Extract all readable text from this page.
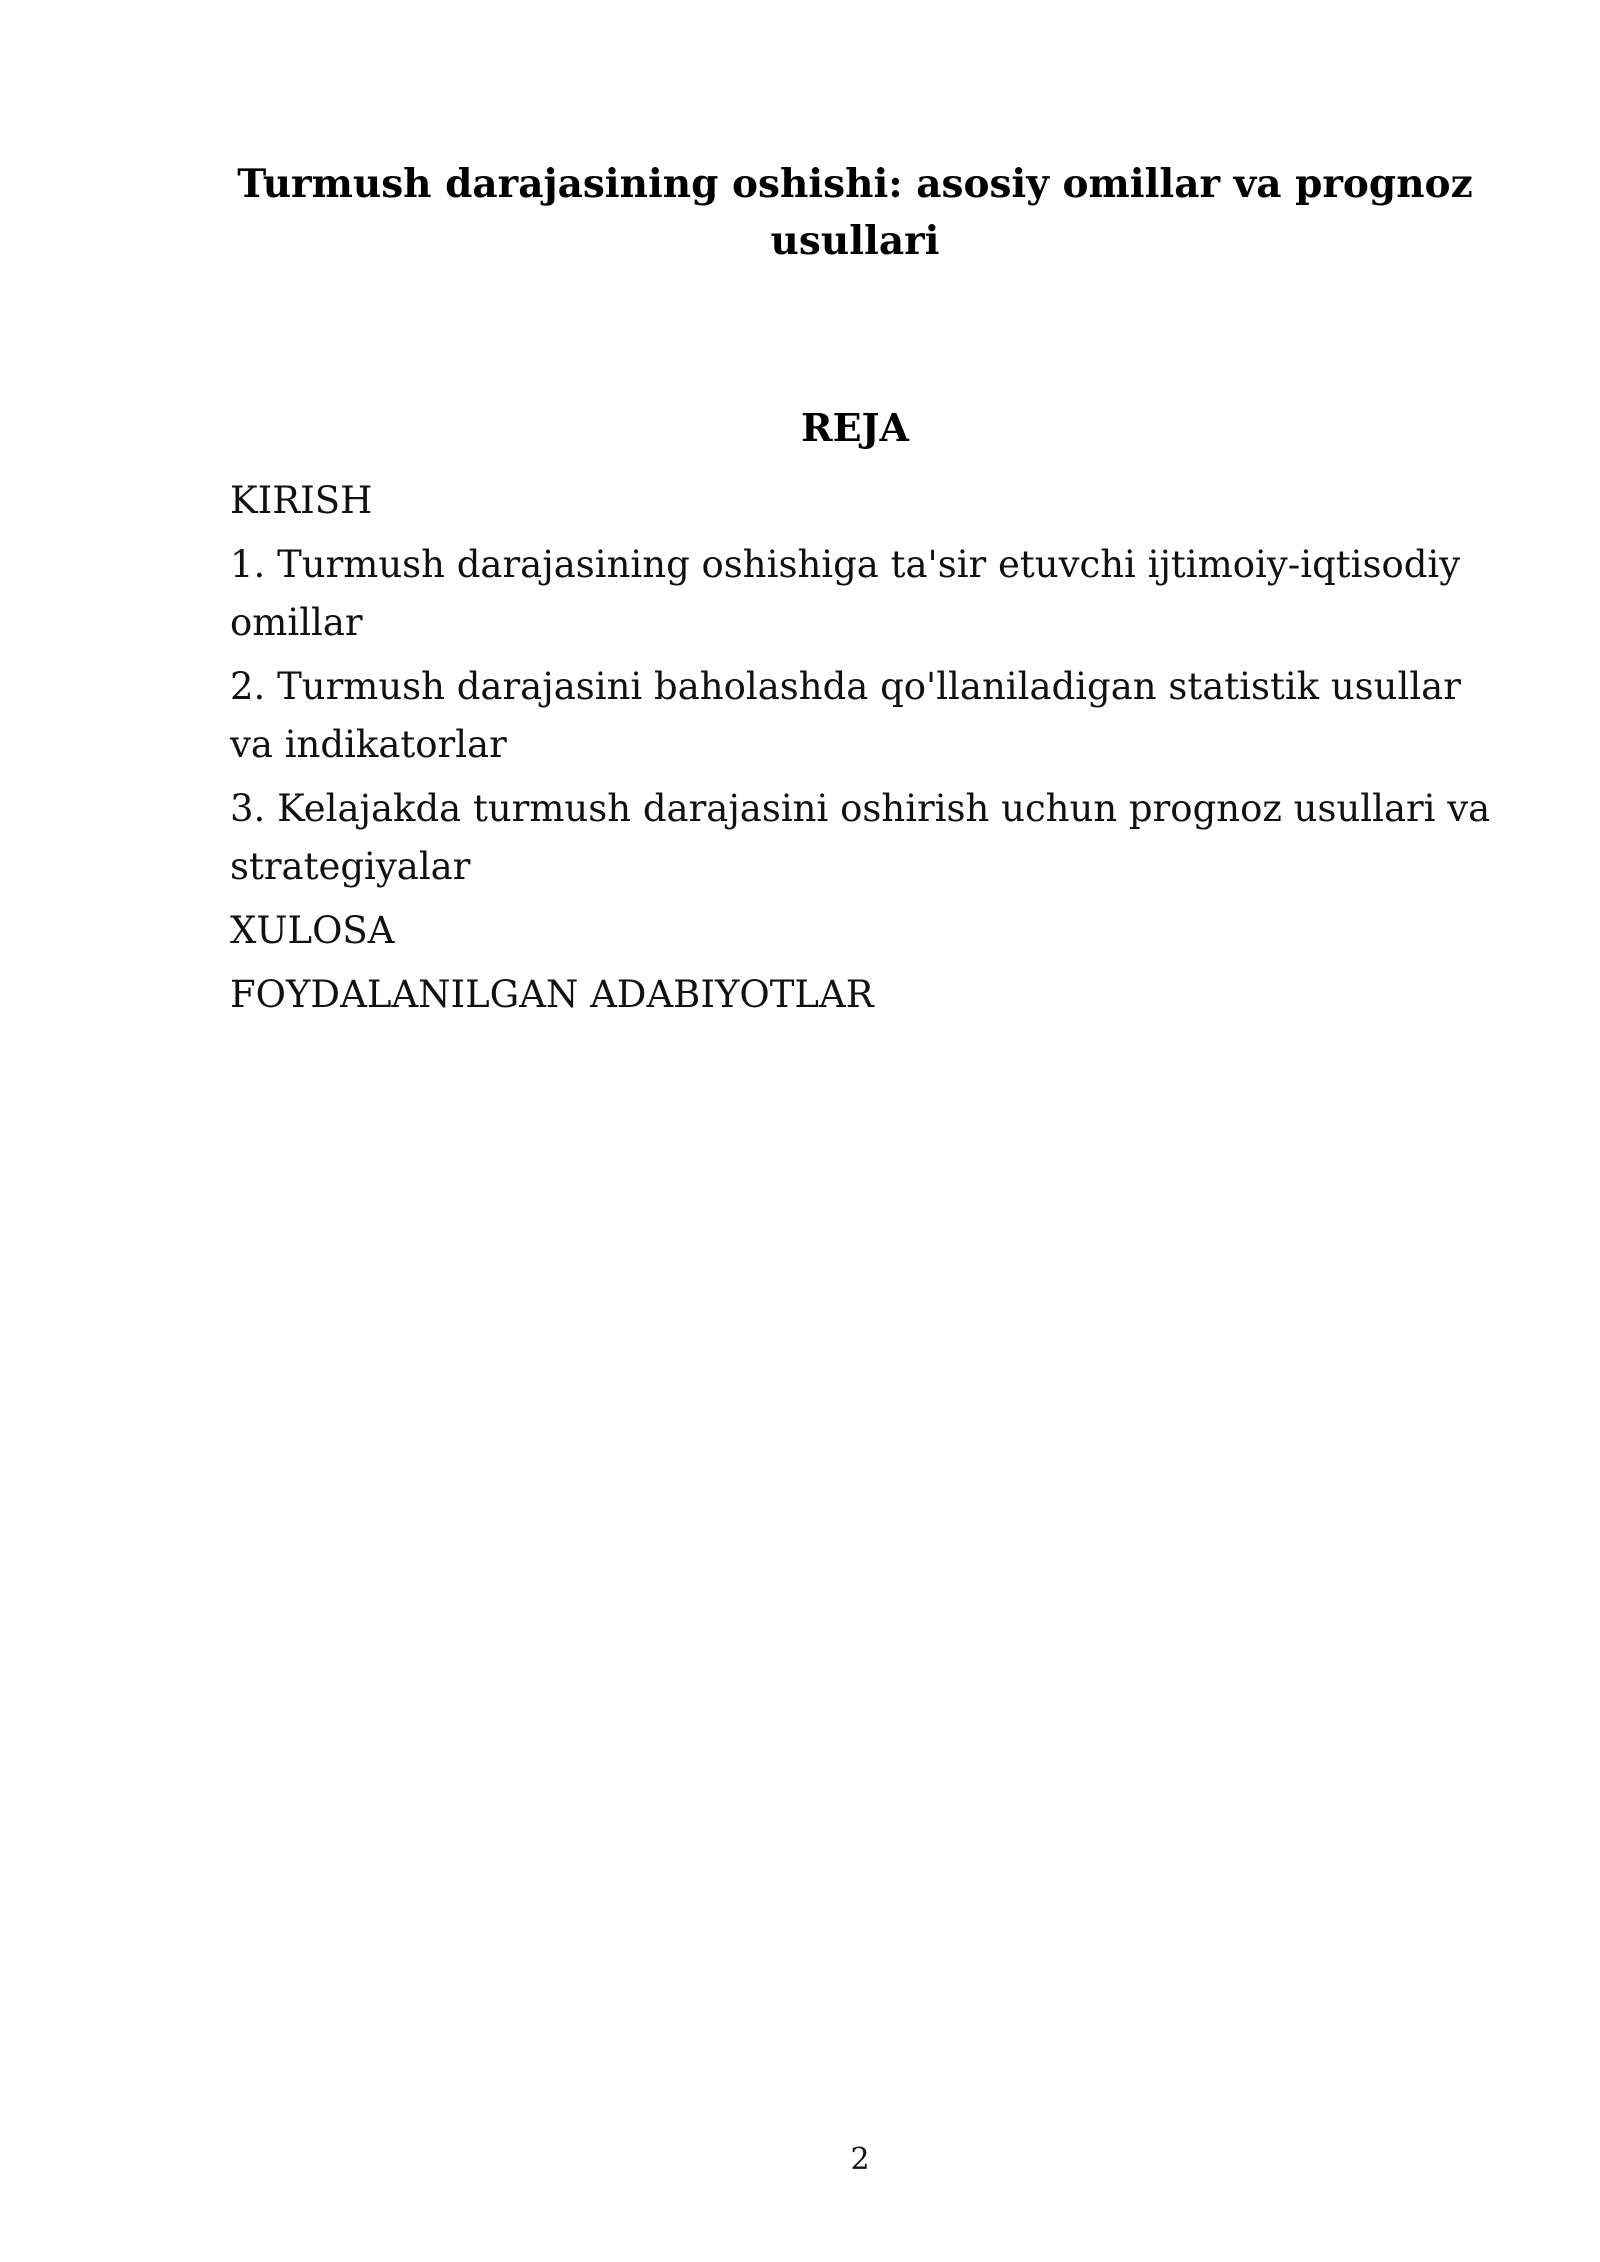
Turmush darajasining oshishi: asosiy omillar va prognoz usullari
REJA
KIRISH
1. Turmush darajasining oshishiga ta'sir etuvchi ijtimoiy-iqtisodiy omillar
2. Turmush darajasini baholashda qo'llaniladigan statistik usullar va indikatorlar
3. Kelajakda turmush darajasini oshirish uchun prognoz usullari va strategiyalar
XULOSA
FOYDALANILGAN ADABIYOTLAR
2
